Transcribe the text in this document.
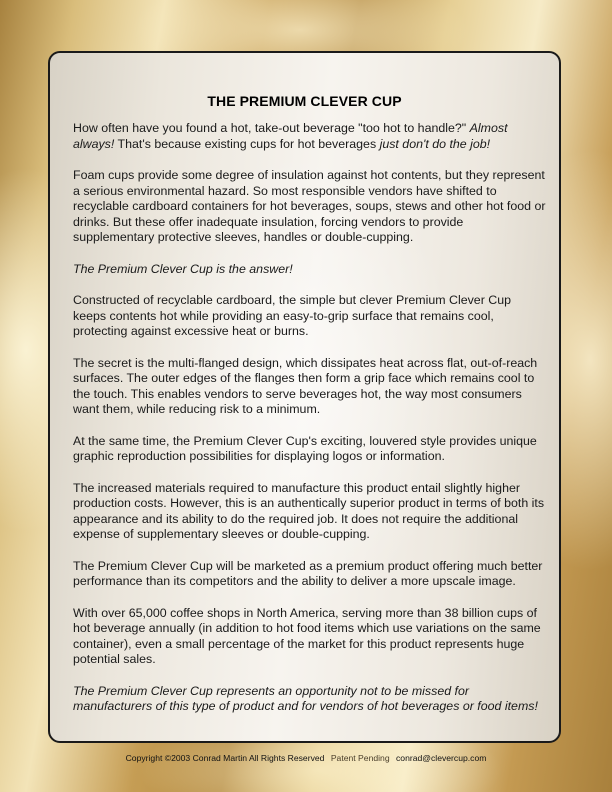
THE PREMIUM CLEVER CUP

How often have you found a hot, take-out beverage "too hot to handle?" Almost always! That's because existing cups for hot beverages just don't do the job!

Foam cups provide some degree of insulation against hot contents, but they represent a serious environmental hazard. So most responsible vendors have shifted to recyclable cardboard containers for hot beverages, soups, stews and other hot food or drinks. But these offer inadequate insulation, forcing vendors to provide supplementary protective sleeves, handles or double-cupping.

The Premium Clever Cup is the answer!

Constructed of recyclable cardboard, the simple but clever Premium Clever Cup keeps contents hot while providing an easy-to-grip surface that remains cool, protecting against excessive heat or burns.

The secret is the multi-flanged design, which dissipates heat across flat, out-of-reach surfaces. The outer edges of the flanges then form a grip face which remains cool to the touch. This enables vendors to serve beverages hot, the way most consumers want them, while reducing risk to a minimum.

At the same time, the Premium Clever Cup's exciting, louvered style provides unique graphic reproduction possibilities for displaying logos or information.

The increased materials required to manufacture this product entail slightly higher production costs. However, this is an authentically superior product in terms of both its appearance and its ability to do the required job. It does not require the additional expense of supplementary sleeves or double-cupping.

The Premium Clever Cup will be marketed as a premium product offering much better performance than its competitors and the ability to deliver a more upscale image.

With over 65,000 coffee shops in North America, serving more than 38 billion cups of hot beverage annually (in addition to hot food items which use variations on the same container), even a small percentage of the market for this product represents huge potential sales.

The Premium Clever Cup represents an opportunity not to be missed for manufacturers of this type of product and for vendors of hot beverages or food items!

Copyright ©2003 Conrad Martin All Rights Reserved Patent Pending conrad@clevercup.com
